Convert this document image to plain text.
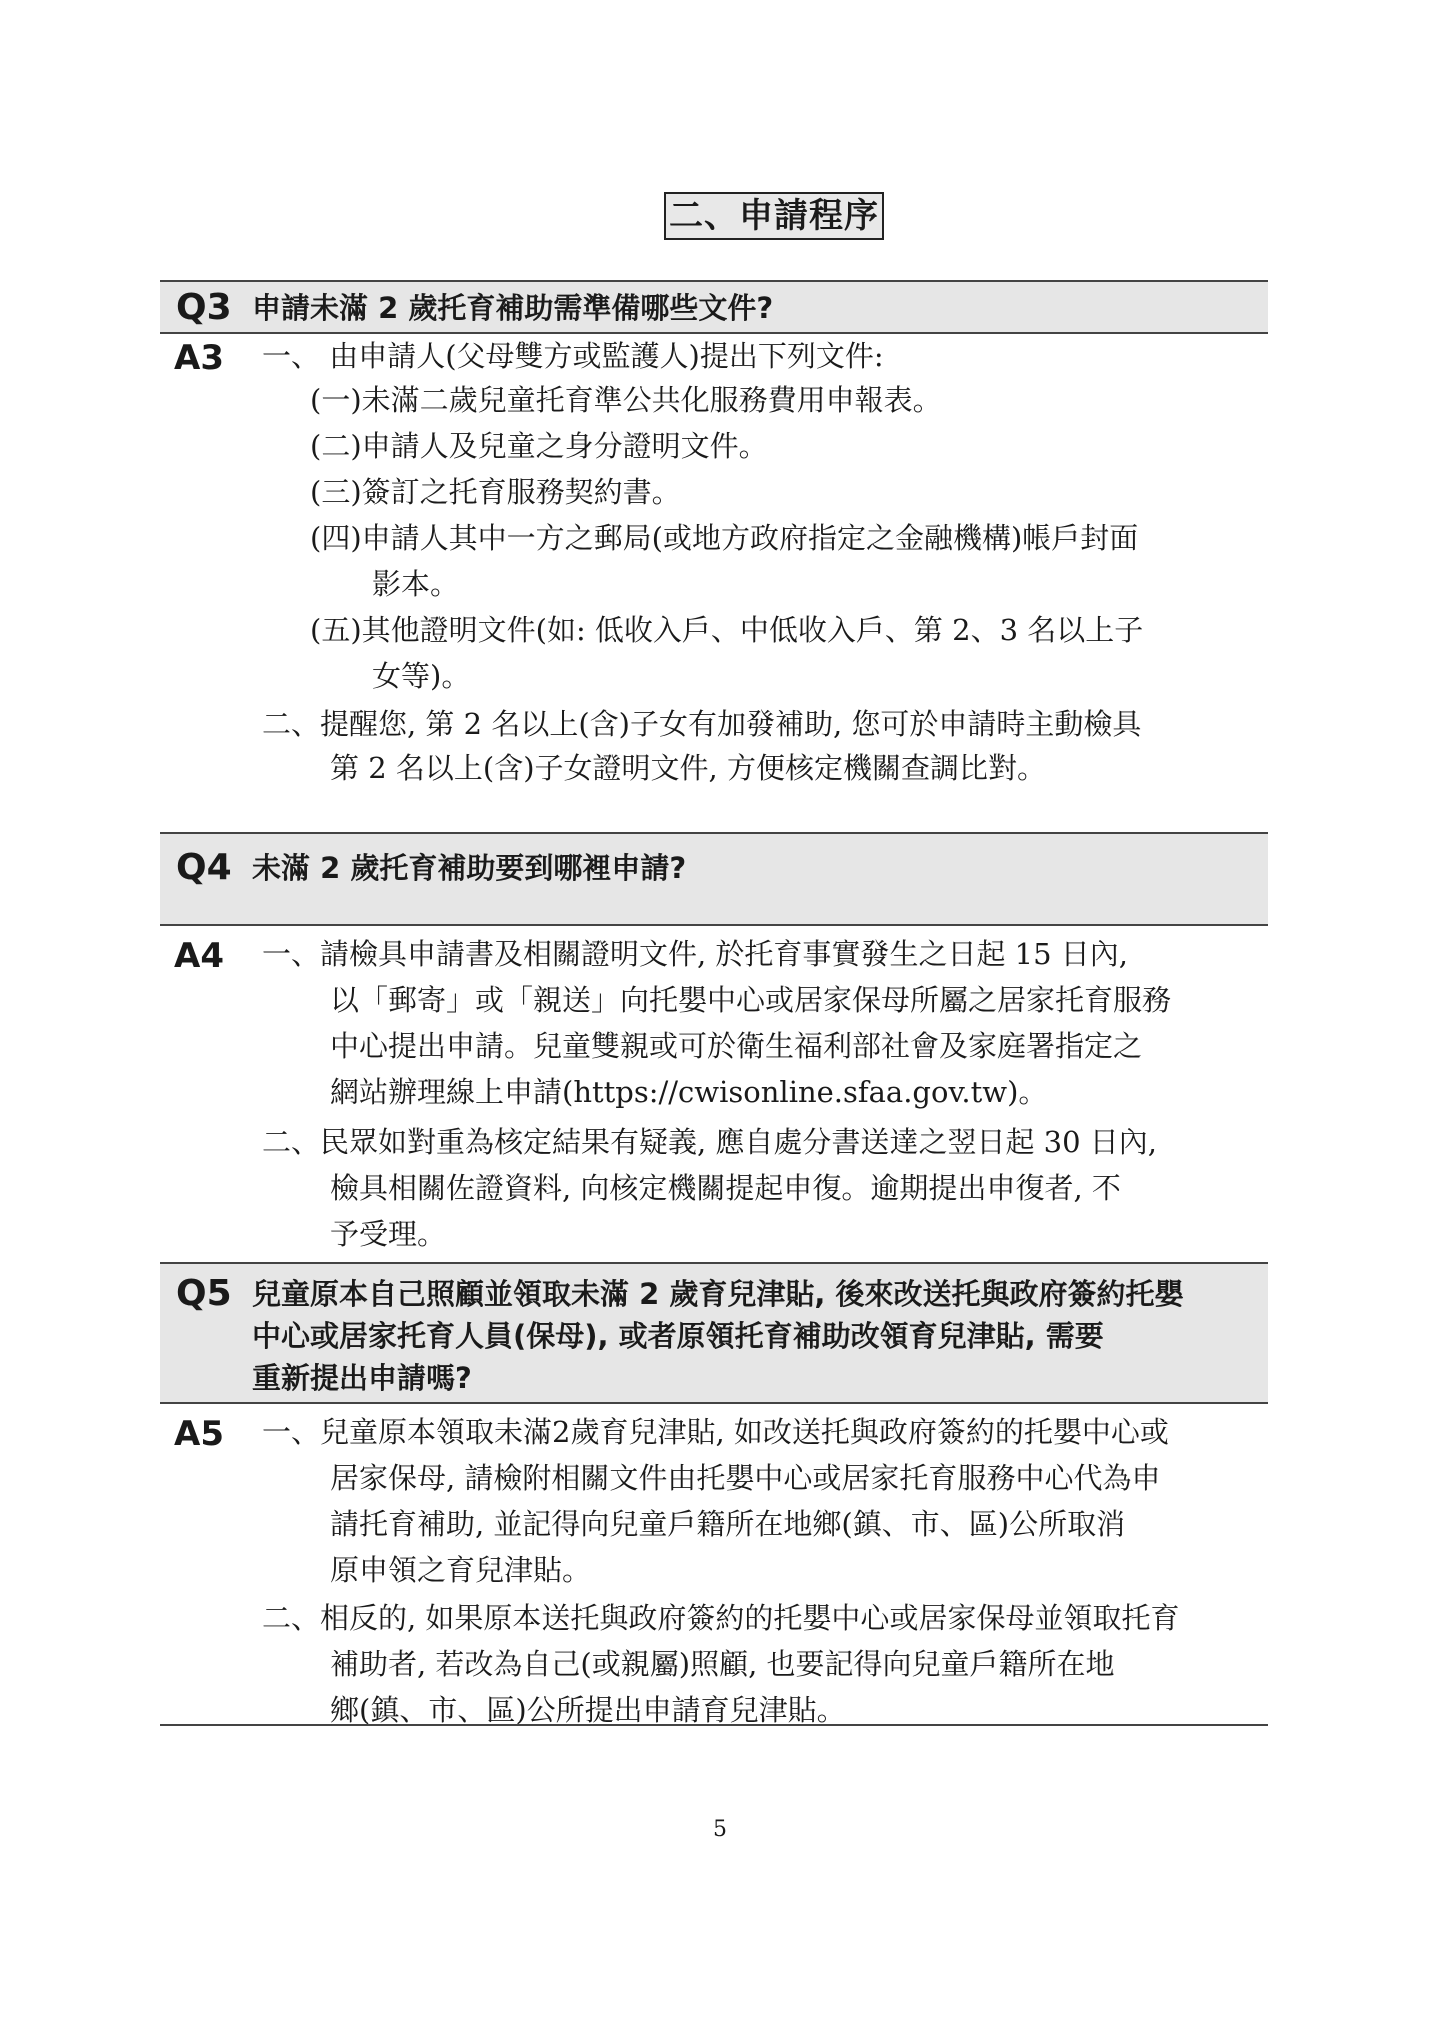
二、申請程序
Q3 申請未滿 2 歲托育補助需準備哪些文件?
A3 一、 由申請人(父母雙方或監護人)提出下列文件:
(一)未滿二歲兒童托育準公共化服務費用申報表。
(二)申請人及兒童之身分證明文件。
(三)簽訂之托育服務契約書。
(四)申請人其中一方之郵局(或地方政府指定之金融機構)帳戶封面
影本。
(五)其他證明文件(如: 低收入戶、中低收入戶、第 2、3 名以上子
女等)。
二、提醒您, 第 2 名以上(含)子女有加發補助, 您可於申請時主動檢具
第 2 名以上(含)子女證明文件, 方便核定機關查調比對。
Q4 未滿 2 歲托育補助要到哪裡申請?
A4 一、請檢具申請書及相關證明文件, 於托育事實發生之日起 15 日內,
以「郵寄」或「親送」向托嬰中心或居家保母所屬之居家托育服務
中心提出申請。兒童雙親或可於衛生福利部社會及家庭署指定之
網站辦理線上申請(https://cwisonline.sfaa.gov.tw)。
二、民眾如對重為核定結果有疑義, 應自處分書送達之翌日起 30 日內,
檢具相關佐證資料, 向核定機關提起申復。逾期提出申復者, 不
予受理。
Q5 兒童原本自己照顧並領取未滿 2 歲育兒津貼, 後來改送托與政府簽約托嬰
中心或居家托育人員(保母), 或者原領托育補助改領育兒津貼, 需要
重新提出申請嗎?
A5 一、兒童原本領取未滿2歲育兒津貼, 如改送托與政府簽約的托嬰中心或
居家保母, 請檢附相關文件由托嬰中心或居家托育服務中心代為申
請托育補助, 並記得向兒童戶籍所在地鄉(鎮、市、區)公所取消
原申領之育兒津貼。
二、相反的, 如果原本送托與政府簽約的托嬰中心或居家保母並領取托育
補助者, 若改為自己(或親屬)照顧, 也要記得向兒童戶籍所在地
鄉(鎮、市、區)公所提出申請育兒津貼。
5
